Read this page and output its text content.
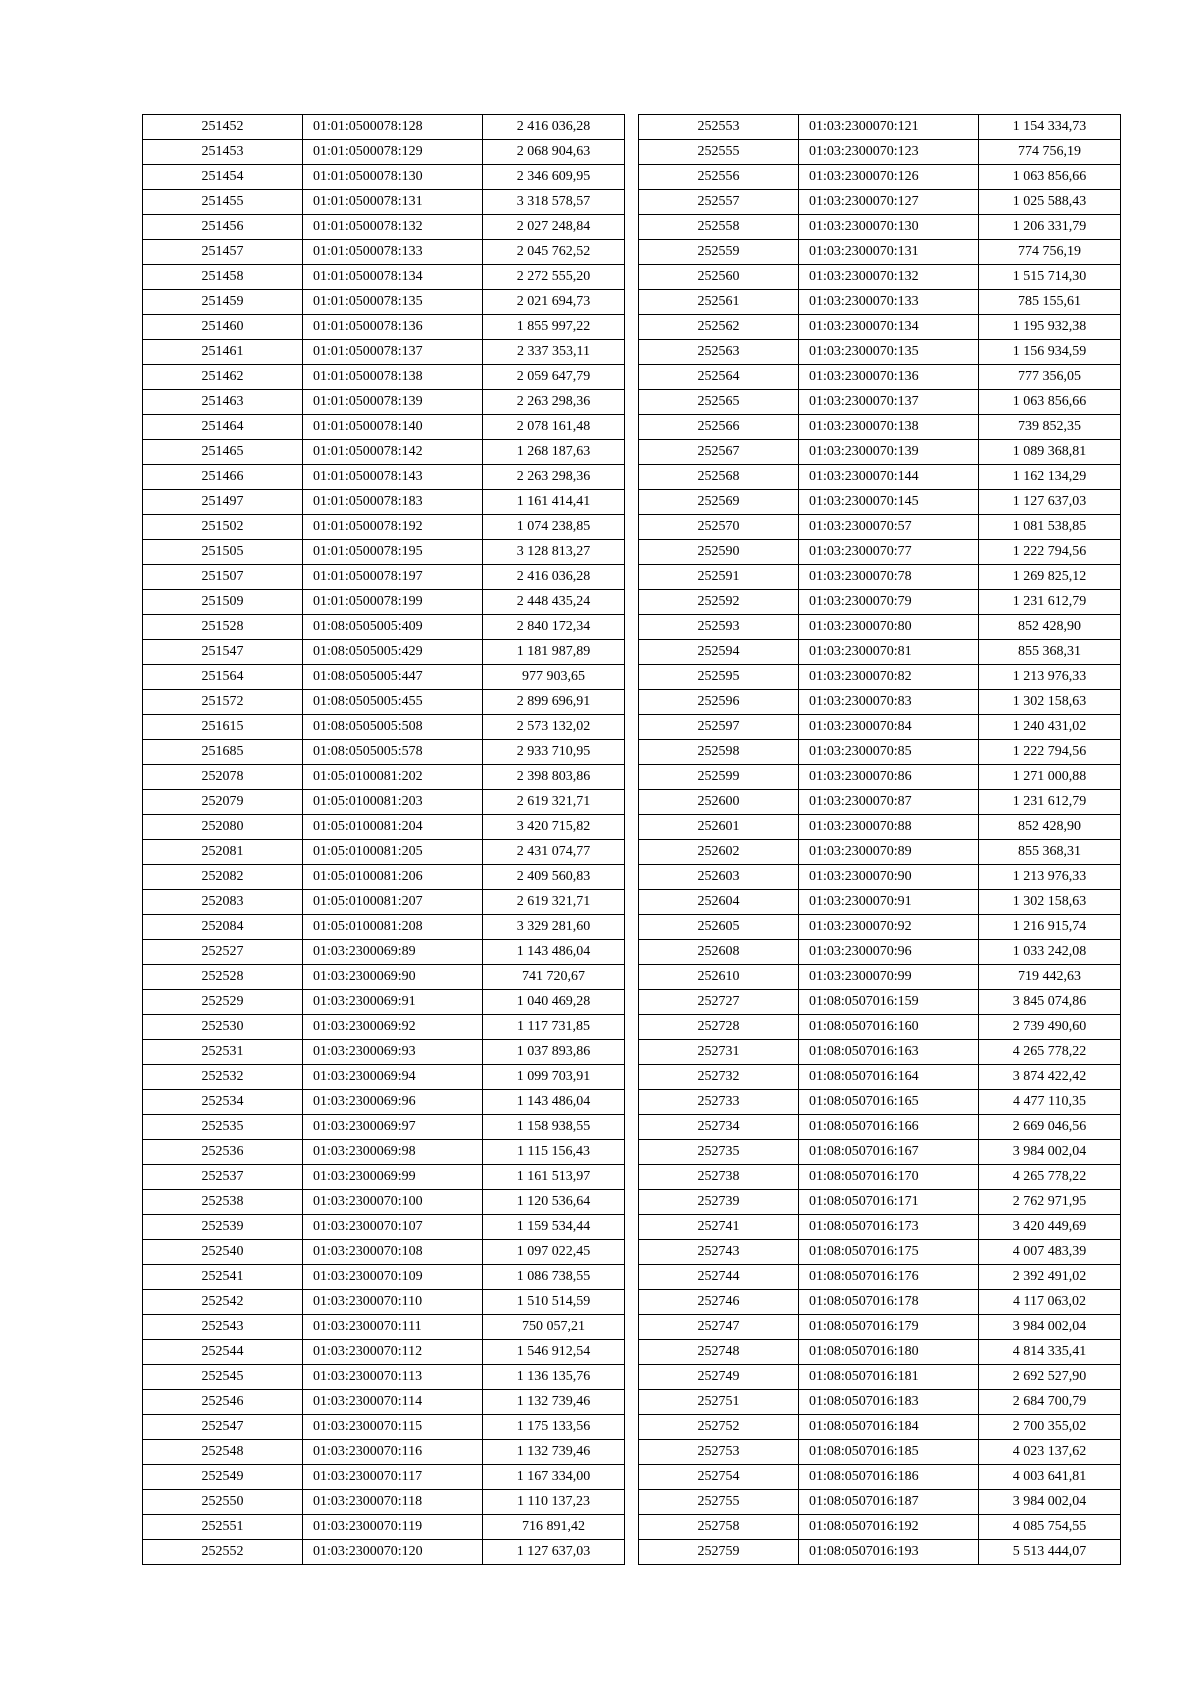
251452	01:01:0500078:128	2 416 036,28
251453	01:01:0500078:129	2 068 904,63
251454	01:01:0500078:130	2 346 609,95
251455	01:01:0500078:131	3 318 578,57
251456	01:01:0500078:132	2 027 248,84
251457	01:01:0500078:133	2 045 762,52
251458	01:01:0500078:134	2 272 555,20
251459	01:01:0500078:135	2 021 694,73
251460	01:01:0500078:136	1 855 997,22
251461	01:01:0500078:137	2 337 353,11
251462	01:01:0500078:138	2 059 647,79
251463	01:01:0500078:139	2 263 298,36
251464	01:01:0500078:140	2 078 161,48
251465	01:01:0500078:142	1 268 187,63
251466	01:01:0500078:143	2 263 298,36
251497	01:01:0500078:183	1 161 414,41
251502	01:01:0500078:192	1 074 238,85
251505	01:01:0500078:195	3 128 813,27
251507	01:01:0500078:197	2 416 036,28
251509	01:01:0500078:199	2 448 435,24
251528	01:08:0505005:409	2 840 172,34
251547	01:08:0505005:429	1 181 987,89
251564	01:08:0505005:447	977 903,65
251572	01:08:0505005:455	2 899 696,91
251615	01:08:0505005:508	2 573 132,02
251685	01:08:0505005:578	2 933 710,95
252078	01:05:0100081:202	2 398 803,86
252079	01:05:0100081:203	2 619 321,71
252080	01:05:0100081:204	3 420 715,82
252081	01:05:0100081:205	2 431 074,77
252082	01:05:0100081:206	2 409 560,83
252083	01:05:0100081:207	2 619 321,71
252084	01:05:0100081:208	3 329 281,60
252527	01:03:2300069:89	1 143 486,04
252528	01:03:2300069:90	741 720,67
252529	01:03:2300069:91	1 040 469,28
252530	01:03:2300069:92	1 117 731,85
252531	01:03:2300069:93	1 037 893,86
252532	01:03:2300069:94	1 099 703,91
252534	01:03:2300069:96	1 143 486,04
252535	01:03:2300069:97	1 158 938,55
252536	01:03:2300069:98	1 115 156,43
252537	01:03:2300069:99	1 161 513,97
252538	01:03:2300070:100	1 120 536,64
252539	01:03:2300070:107	1 159 534,44
252540	01:03:2300070:108	1 097 022,45
252541	01:03:2300070:109	1 086 738,55
252542	01:03:2300070:110	1 510 514,59
252543	01:03:2300070:111	750 057,21
252544	01:03:2300070:112	1 546 912,54
252545	01:03:2300070:113	1 136 135,76
252546	01:03:2300070:114	1 132 739,46
252547	01:03:2300070:115	1 175 133,56
252548	01:03:2300070:116	1 132 739,46
252549	01:03:2300070:117	1 167 334,00
252550	01:03:2300070:118	1 110 137,23
252551	01:03:2300070:119	716 891,42
252552	01:03:2300070:120	1 127 637,03
252553	01:03:2300070:121	1 154 334,73
252555	01:03:2300070:123	774 756,19
252556	01:03:2300070:126	1 063 856,66
252557	01:03:2300070:127	1 025 588,43
252558	01:03:2300070:130	1 206 331,79
252559	01:03:2300070:131	774 756,19
252560	01:03:2300070:132	1 515 714,30
252561	01:03:2300070:133	785 155,61
252562	01:03:2300070:134	1 195 932,38
252563	01:03:2300070:135	1 156 934,59
252564	01:03:2300070:136	777 356,05
252565	01:03:2300070:137	1 063 856,66
252566	01:03:2300070:138	739 852,35
252567	01:03:2300070:139	1 089 368,81
252568	01:03:2300070:144	1 162 134,29
252569	01:03:2300070:145	1 127 637,03
252570	01:03:2300070:57	1 081 538,85
252590	01:03:2300070:77	1 222 794,56
252591	01:03:2300070:78	1 269 825,12
252592	01:03:2300070:79	1 231 612,79
252593	01:03:2300070:80	852 428,90
252594	01:03:2300070:81	855 368,31
252595	01:03:2300070:82	1 213 976,33
252596	01:03:2300070:83	1 302 158,63
252597	01:03:2300070:84	1 240 431,02
252598	01:03:2300070:85	1 222 794,56
252599	01:03:2300070:86	1 271 000,88
252600	01:03:2300070:87	1 231 612,79
252601	01:03:2300070:88	852 428,90
252602	01:03:2300070:89	855 368,31
252603	01:03:2300070:90	1 213 976,33
252604	01:03:2300070:91	1 302 158,63
252605	01:03:2300070:92	1 216 915,74
252608	01:03:2300070:96	1 033 242,08
252610	01:03:2300070:99	719 442,63
252727	01:08:0507016:159	3 845 074,86
252728	01:08:0507016:160	2 739 490,60
252731	01:08:0507016:163	4 265 778,22
252732	01:08:0507016:164	3 874 422,42
252733	01:08:0507016:165	4 477 110,35
252734	01:08:0507016:166	2 669 046,56
252735	01:08:0507016:167	3 984 002,04
252738	01:08:0507016:170	4 265 778,22
252739	01:08:0507016:171	2 762 971,95
252741	01:08:0507016:173	3 420 449,69
252743	01:08:0507016:175	4 007 483,39
252744	01:08:0507016:176	2 392 491,02
252746	01:08:0507016:178	4 117 063,02
252747	01:08:0507016:179	3 984 002,04
252748	01:08:0507016:180	4 814 335,41
252749	01:08:0507016:181	2 692 527,90
252751	01:08:0507016:183	2 684 700,79
252752	01:08:0507016:184	2 700 355,02
252753	01:08:0507016:185	4 023 137,62
252754	01:08:0507016:186	4 003 641,81
252755	01:08:0507016:187	3 984 002,04
252758	01:08:0507016:192	4 085 754,55
252759	01:08:0507016:193	5 513 444,07
